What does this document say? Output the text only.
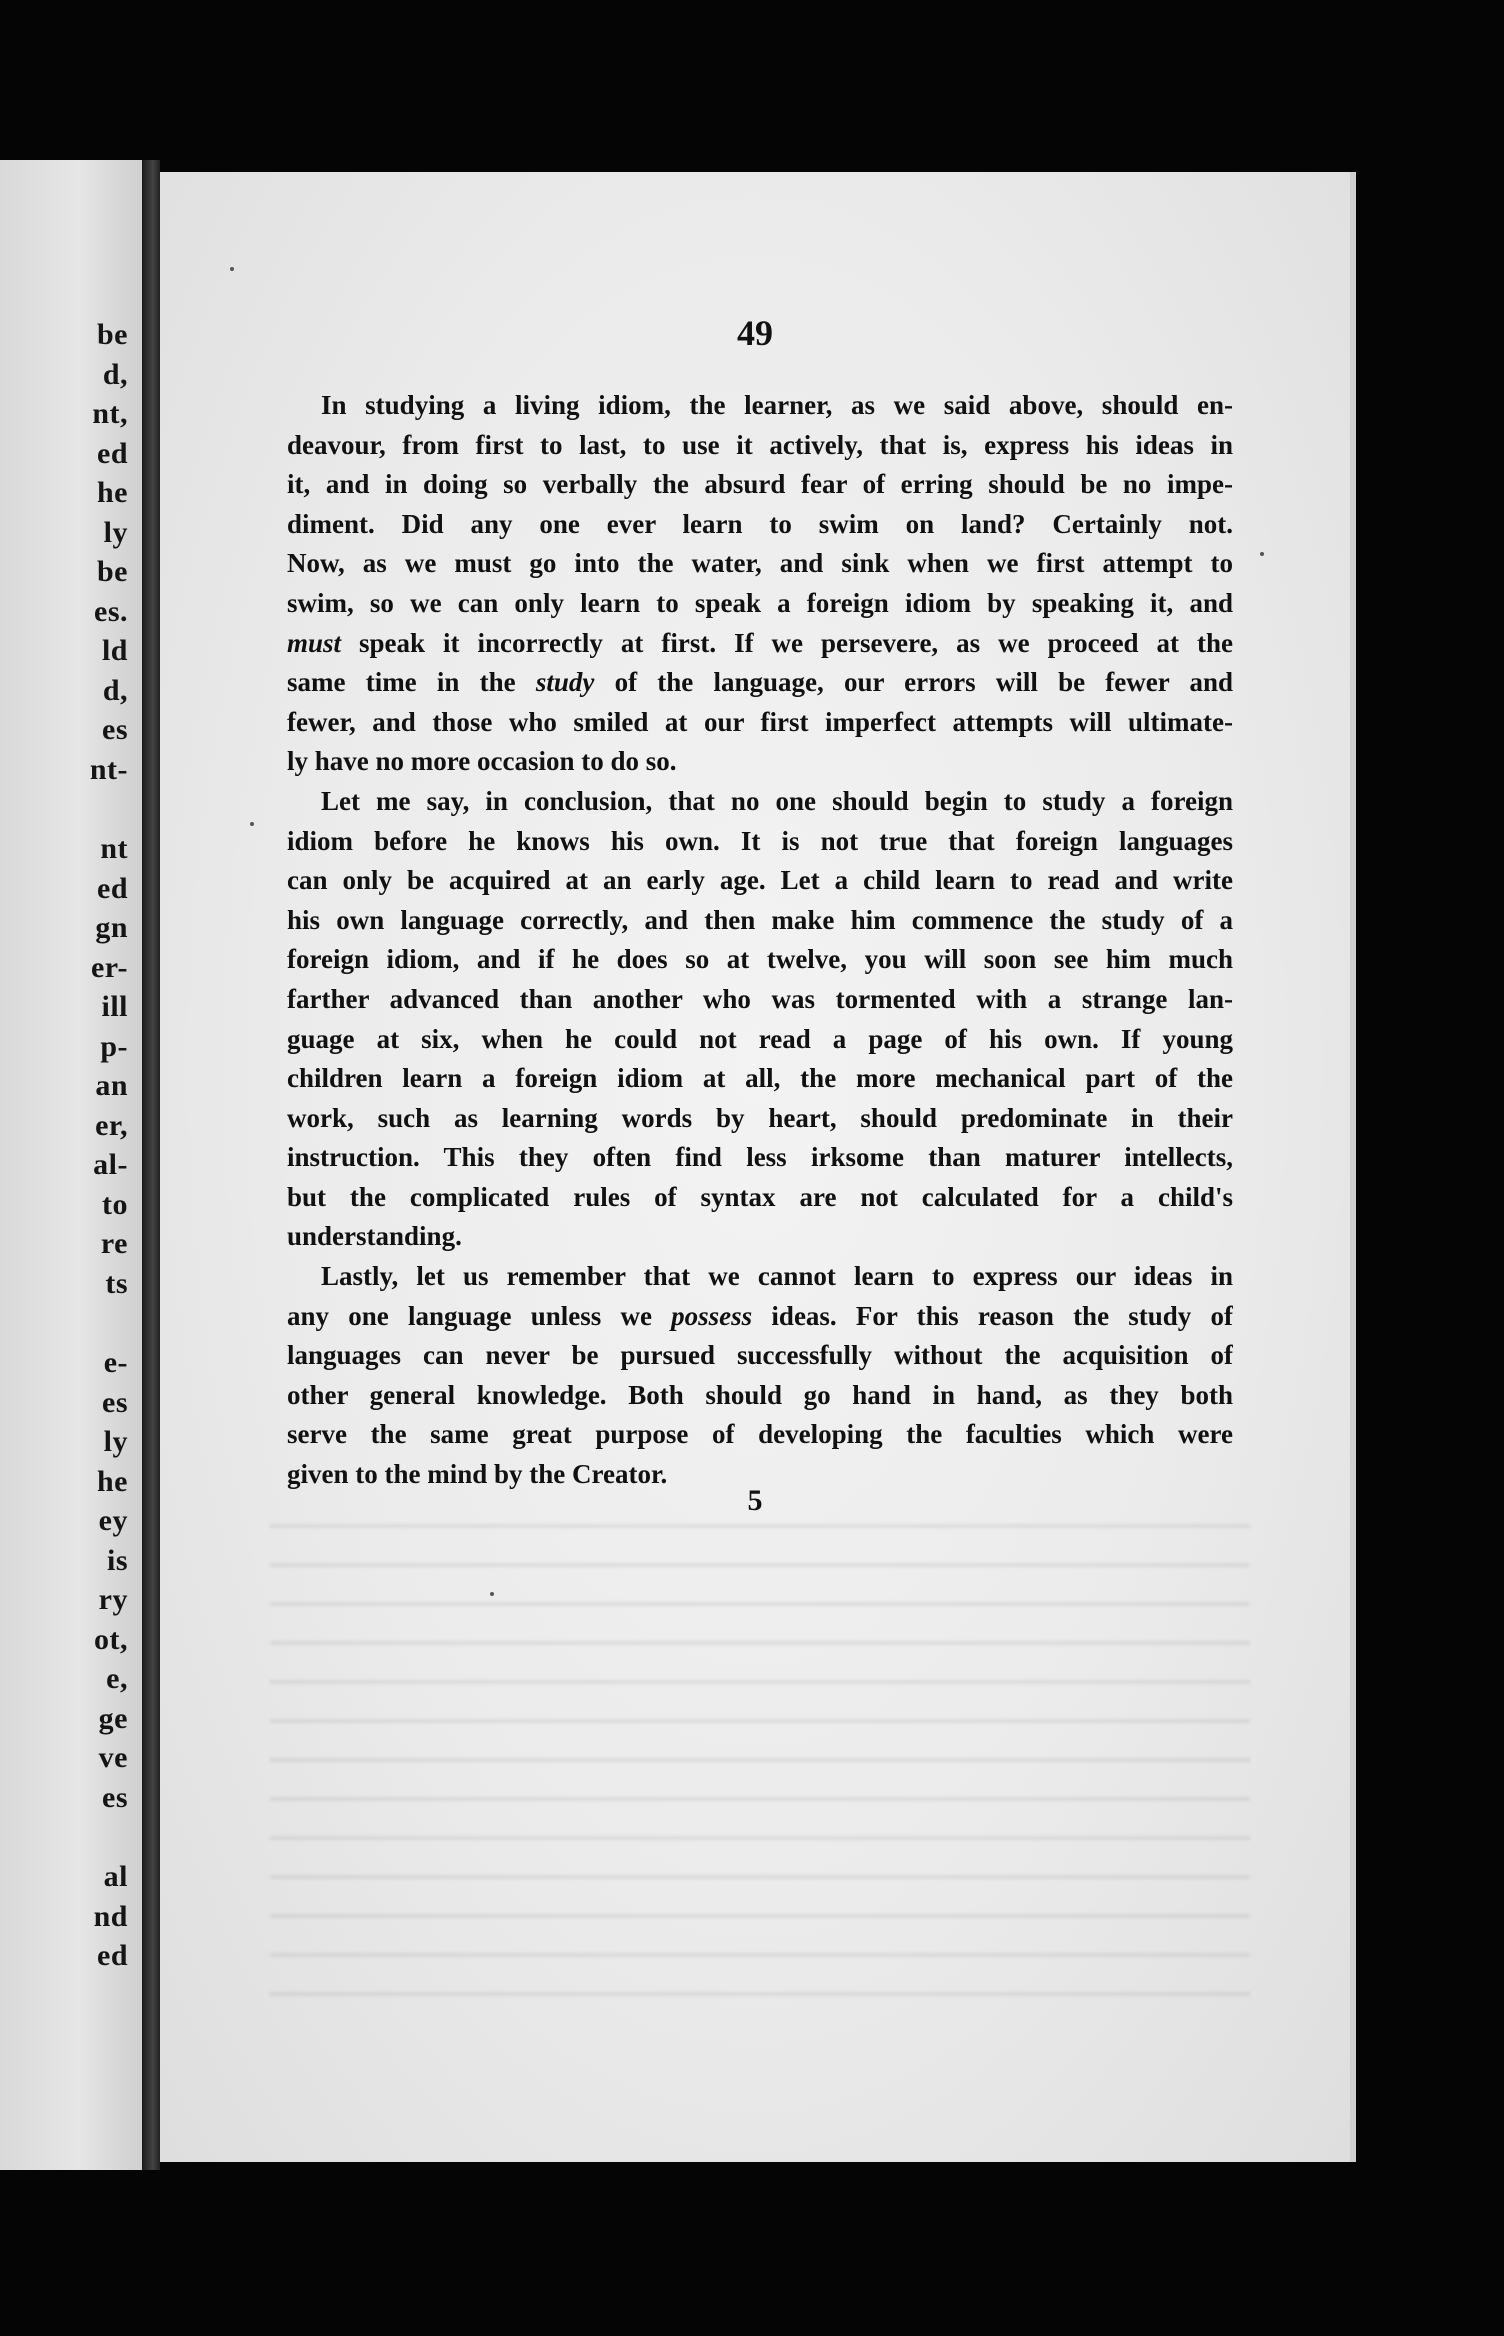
be
d,
nt,
ed
he
ly
be
es.
ld
d,
es
nt-
nt
ed
gn
er-
ill
p-
an
er,
al-
to
re
ts
e-
es
ly
he
ey
is
ry
ot,
e,
ge
ve
es
al
nd
ed
49

In studying a living idiom, the learner, as we said above, should en-
deavour, from first to last, to use it actively, that is, express his ideas in
it, and in doing so verbally the absurd fear of erring should be no impe-
diment. Did any one ever learn to swim on land? Certainly not.
Now, as we must go into the water, and sink when we first attempt to
swim, so we can only learn to speak a foreign idiom by speaking it, and
must speak it incorrectly at first. If we persevere, as we proceed at the
same time in the study of the language, our errors will be fewer and
fewer, and those who smiled at our first imperfect attempts will ultimate-
ly have no more occasion to do so.

Let me say, in conclusion, that no one should begin to study a foreign
idiom before he knows his own. It is not true that foreign languages
can only be acquired at an early age. Let a child learn to read and write
his own language correctly, and then make him commence the study of a
foreign idiom, and if he does so at twelve, you will soon see him much
farther advanced than another who was tormented with a strange lan-
guage at six, when he could not read a page of his own. If young
children learn a foreign idiom at all, the more mechanical part of the
work, such as learning words by heart, should predominate in their
instruction. This they often find less irksome than maturer intellects,
but the complicated rules of syntax are not calculated for a child's
understanding.

Lastly, let us remember that we cannot learn to express our ideas in
any one language unless we possess ideas. For this reason the study of
languages can never be pursued successfully without the acquisition of
other general knowledge. Both should go hand in hand, as they both
serve the same great purpose of developing the faculties which were
given to the mind by the Creator.

5
